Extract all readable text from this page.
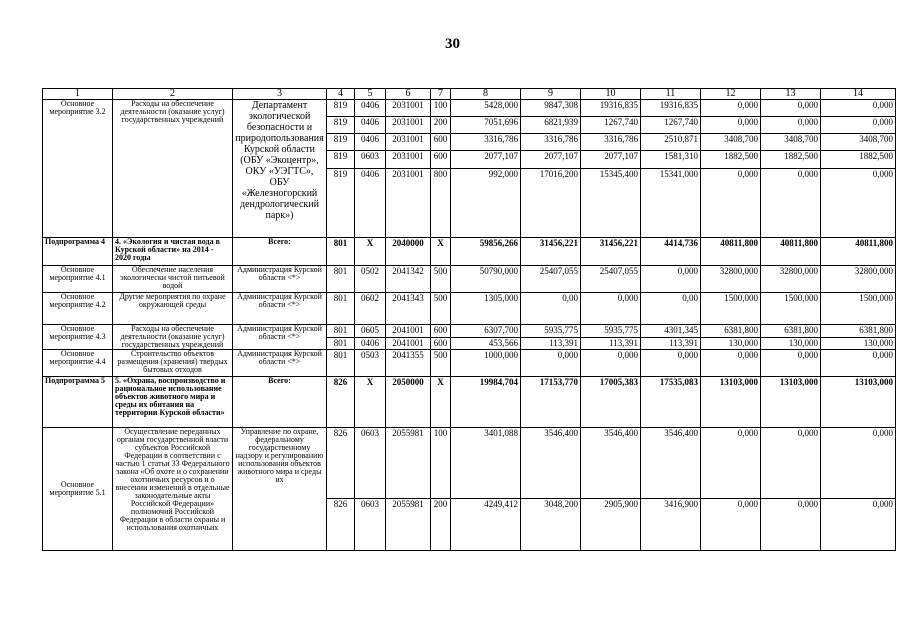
30
1	2	3	4	5	6	7	8	9	10	11	12	13	14
Основное мероприятие 3.2	Расходы на обеспечение деятельности (оказание услуг) государственных учреждений	Департамент экологической безопасности и природопользования Курской области (ОБУ «Экоцентр», ОКУ «УЭГТС», ОБУ «Железногорский дендрологический парк»)	819	0406	2031001	100	5428,000	9847,308	19316,835	19316,835	0,000	0,000	0,000
			819	0406	2031001	200	7051,696	6821,939	1267,740	1267,740	0,000	0,000	0,000
			819	0406	2031001	600	3316,786	3316,786	3316,786	2510,871	3408,700	3408,700	3408,700
			819	0603	2031001	600	2077,107	2077,107	2077,107	1581,310	1882,500	1882,500	1882,500
			819	0406	2031001	800	992,000	17016,200	15345,400	15341,000	0,000	0,000	0,000
Подпрограмма 4	4. «Экология и чистая вода в Курской области» на 2014 - 2020 годы	Всего:	801	Х	2040000	Х	59856,266	31456,221	31456,221	4414,736	40811,800	40811,800	40811,800
Основное мероприятие 4.1	Обеспечение населения экологически чистой питьевой водой	Администрация Курской области <*>	801	0502	2041342	500	50790,000	25407,055	25407,055	0,000	32800,000	32800,000	32800,000
Основное мероприятие 4.2	Другие мероприятия по охране окружающей среды	Администрация Курской области <*>	801	0602	2041343	500	1305,000	0,00	0,000	0,00	1500,000	1500,000	1500,000
Основное мероприятие 4.3	Расходы на обеспечение деятельности (оказание услуг) государственных учреждений	Администрация Курской области <*>	801	0605	2041001	600	6307,700	5935,775	5935,775	4301,345	6381,800	6381,800	6381,800
			801	0406	2041001	600	453,566	113,391	113,391	113,391	130,000	130,000	130,000
Основное мероприятие 4.4	Строительство объектов размещения (хранения) твердых бытовых отходов	Администрация Курской области <*>	801	0503	2041355	500	1000,000	0,000	0,000	0,000	0,000	0,000	0,000
Подпрограмма 5	5. «Охрана, воспроизводство и рациональное использование объектов животного мира и среды их обитания на территории Курской области»	Всего:	826	Х	2050000	Х	19984,704	17153,770	17005,383	17535,083	13103,000	13103,000	13103,000
Основное мероприятие 5.1	Осуществление переданных органам государственной власти субъектов Российской Федерации в соответствии с частью 1 статьи 33 Федерального закона «Об охоте и о сохранении охотничьих ресурсов и о внесении изменений в отдельные законодательные акты Российской Федерации» полномочий Российской Федерации в области охраны и использования охотничьих	Управление по охране, федеральному государственному надзору и регулированию использования объектов животного мира и среды их	826	0603	2055981	100	3401,088	3546,400	3546,400	3546,400	0,000	0,000	0,000
			826	0603	2055981	200	4249,412	3048,200	2905,900	3416,900	0,000	0,000	0,000
